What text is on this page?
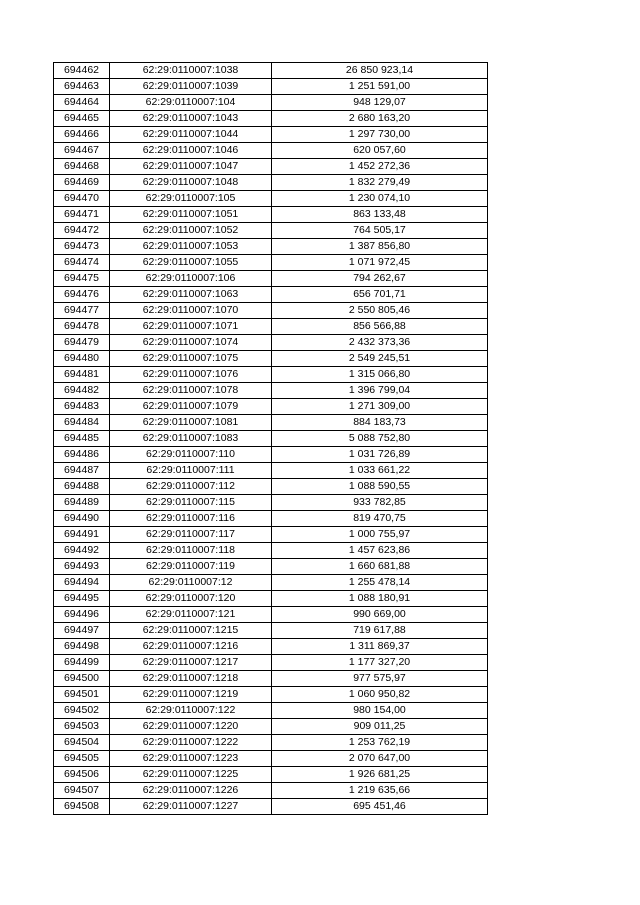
694462	62:29:0110007:1038	26 850 923,14
694463	62:29:0110007:1039	1 251 591,00
694464	62:29:0110007:104	948 129,07
694465	62:29:0110007:1043	2 680 163,20
694466	62:29:0110007:1044	1 297 730,00
694467	62:29:0110007:1046	620 057,60
694468	62:29:0110007:1047	1 452 272,36
694469	62:29:0110007:1048	1 832 279,49
694470	62:29:0110007:105	1 230 074,10
694471	62:29:0110007:1051	863 133,48
694472	62:29:0110007:1052	764 505,17
694473	62:29:0110007:1053	1 387 856,80
694474	62:29:0110007:1055	1 071 972,45
694475	62:29:0110007:106	794 262,67
694476	62:29:0110007:1063	656 701,71
694477	62:29:0110007:1070	2 550 805,46
694478	62:29:0110007:1071	856 566,88
694479	62:29:0110007:1074	2 432 373,36
694480	62:29:0110007:1075	2 549 245,51
694481	62:29:0110007:1076	1 315 066,80
694482	62:29:0110007:1078	1 396 799,04
694483	62:29:0110007:1079	1 271 309,00
694484	62:29:0110007:1081	884 183,73
694485	62:29:0110007:1083	5 088 752,80
694486	62:29:0110007:110	1 031 726,89
694487	62:29:0110007:111	1 033 661,22
694488	62:29:0110007:112	1 088 590,55
694489	62:29:0110007:115	933 782,85
694490	62:29:0110007:116	819 470,75
694491	62:29:0110007:117	1 000 755,97
694492	62:29:0110007:118	1 457 623,86
694493	62:29:0110007:119	1 660 681,88
694494	62:29:0110007:12	1 255 478,14
694495	62:29:0110007:120	1 088 180,91
694496	62:29:0110007:121	990 669,00
694497	62:29:0110007:1215	719 617,88
694498	62:29:0110007:1216	1 311 869,37
694499	62:29:0110007:1217	1 177 327,20
694500	62:29:0110007:1218	977 575,97
694501	62:29:0110007:1219	1 060 950,82
694502	62:29:0110007:122	980 154,00
694503	62:29:0110007:1220	909 011,25
694504	62:29:0110007:1222	1 253 762,19
694505	62:29:0110007:1223	2 070 647,00
694506	62:29:0110007:1225	1 926 681,25
694507	62:29:0110007:1226	1 219 635,66
694508	62:29:0110007:1227	695 451,46
